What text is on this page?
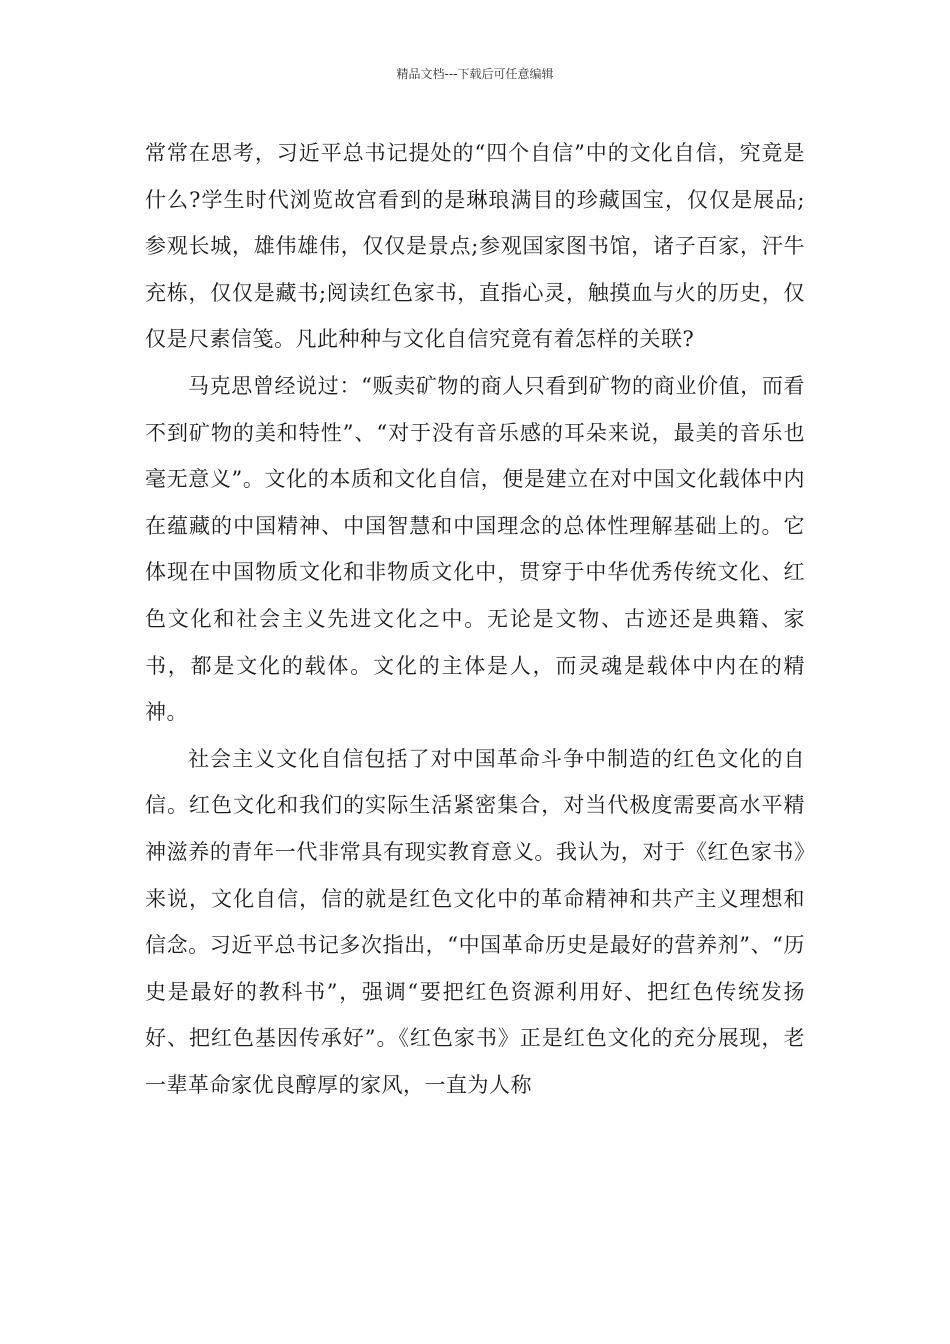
精品文档---下载后可任意编辑

常常在思考，习近平总书记提处的“四个自信”中的文化自信，究竟是什么?学生时代浏览故宫看到的是琳琅满目的珍藏国宝，仅仅是展品;参观长城，雄伟雄伟，仅仅是景点;参观国家图书馆，诸子百家，汗牛充栋，仅仅是藏书;阅读红色家书，直指心灵，触摸血与火的历史，仅仅是尺素信笺。凡此种种与文化自信究竟有着怎样的关联?

马克思曾经说过：“贩卖矿物的商人只看到矿物的商业价值，而看不到矿物的美和特性”、“对于没有音乐感的耳朵来说，最美的音乐也毫无意义”。文化的本质和文化自信，便是建立在对中国文化载体中内在蕴藏的中国精神、中国智慧和中国理念的总体性理解基础上的。它体现在中国物质文化和非物质文化中，贯穿于中华优秀传统文化、红色文化和社会主义先进文化之中。无论是文物、古迹还是典籍、家书，都是文化的载体。文化的主体是人，而灵魂是载体中内在的精神。

社会主义文化自信包括了对中国革命斗争中制造的红色文化的自信。红色文化和我们的实际生活紧密集合，对当代极度需要高水平精神滋养的青年一代非常具有现实教育意义。我认为，对于《红色家书》来说，文化自信，信的就是红色文化中的革命精神和共产主义理想和信念。习近平总书记多次指出，“中国革命历史是最好的营养剂”、“历史是最好的教科书”，强调“要把红色资源利用好、把红色传统发扬好、把红色基因传承好”。《红色家书》正是红色文化的充分展现，老一辈革命家优良醇厚的家风，一直为人称
